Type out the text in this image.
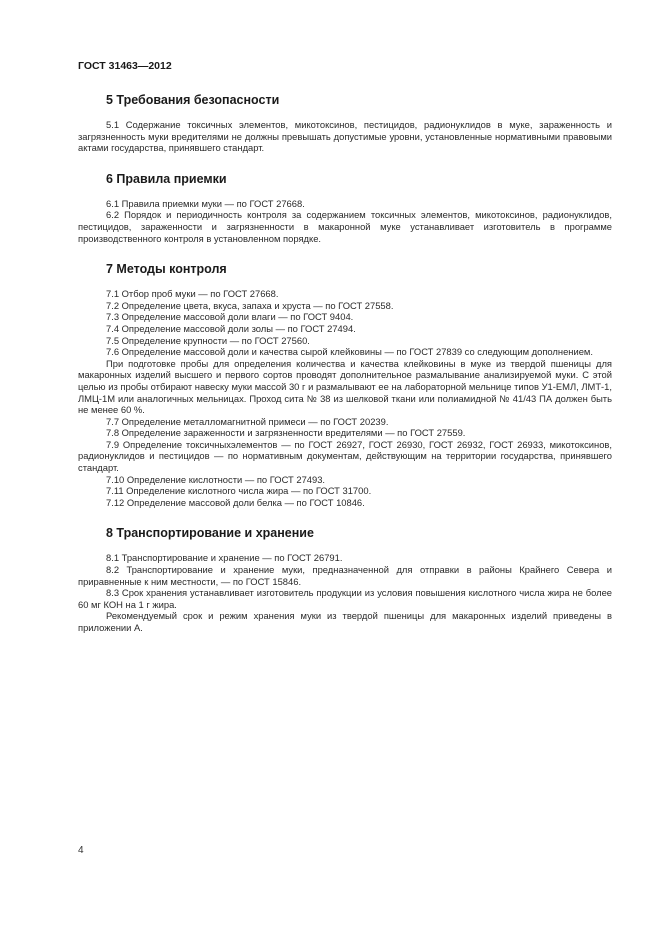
ГОСТ 31463—2012
5 Требования безопасности

5.1 Содержание токсичных элементов, микотоксинов, пестицидов, радионуклидов в муке, зараженность и загрязненность муки вредителями не должны превышать допустимые уровни, установленные нормативными правовыми актами государства, принявшего стандарт.

6 Правила приемки

6.1 Правила приемки муки — по ГОСТ 27668.

6.2 Порядок и периодичность контроля за содержанием токсичных элементов, микотоксинов, радионуклидов, пестицидов, зараженности и загрязненности в макаронной муке устанавливает изготовитель в программе производственного контроля в установленном порядке.

7 Методы контроля

7.1 Отбор проб муки — по ГОСТ 27668.

7.2 Определение цвета, вкуса, запаха и хруста — по ГОСТ 27558.

7.3 Определение массовой доли влаги — по ГОСТ 9404.

7.4 Определение массовой доли золы — по ГОСТ 27494.

7.5 Определение крупности — по ГОСТ 27560.

7.6 Определение массовой доли и качества сырой клейковины — по ГОСТ 27839 со следующим дополнением.

При подготовке пробы для определения количества и качества клейковины в муке из твердой пшеницы для макаронных изделий высшего и первого сортов проводят дополнительное размалывание анализируемой муки. С этой целью из пробы отбирают навеску муки массой 30 г и размалывают ее на лабораторной мельнице типов У1-ЕМЛ, ЛМТ-1, ЛМЦ-1М или аналогичных мельницах. Проход сита № 38 из шелковой ткани или полиамидной № 41/43 ПА должен быть не менее 60 %.

7.7 Определение металломагнитной примеси — по ГОСТ 20239.

7.8 Определение зараженности и загрязненности вредителями — по ГОСТ 27559.

7.9 Определение токсичныхэлементов — по ГОСТ 26927, ГОСТ 26930, ГОСТ 26932, ГОСТ 26933, микотоксинов, радионуклидов и пестицидов — по нормативным документам, действующим на территории государства, принявшего стандарт.

7.10 Определение кислотности — по ГОСТ 27493.

7.11 Определение кислотного числа жира — по ГОСТ 31700.

7.12 Определение массовой доли белка — по ГОСТ 10846.

8 Транспортирование и хранение

8.1 Транспортирование и хранение — по ГОСТ 26791.

8.2 Транспортирование и хранение муки, предназначенной для отправки в районы Крайнего Севера и приравненные к ним местности, — по ГОСТ 15846.

8.3 Срок хранения устанавливает изготовитель продукции из условия повышения кислотного числа жира не более 60 мг КОН на 1 г жира.

Рекомендуемый срок и режим хранения муки из твердой пшеницы для макаронных изделий приведены в приложении А.

4
